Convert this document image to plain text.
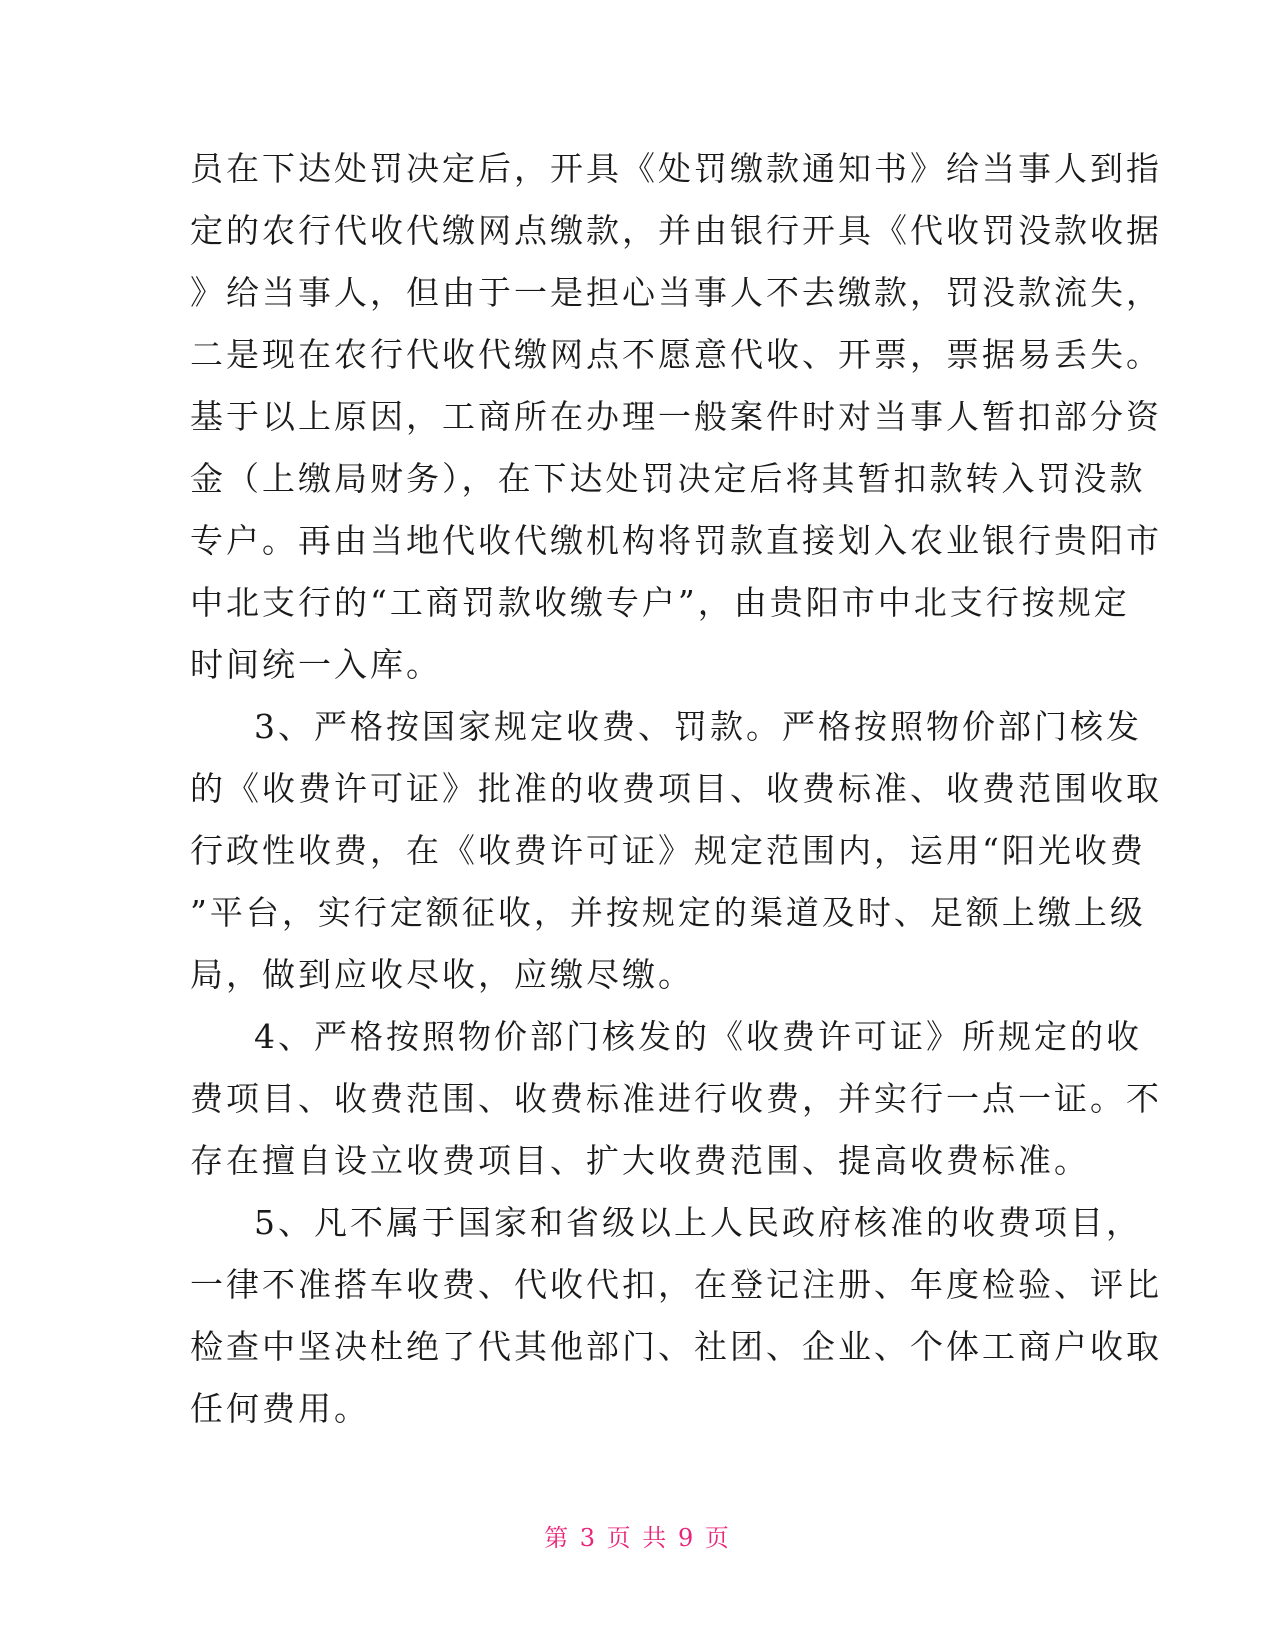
员在下达处罚决定后，开具《处罚缴款通知书》给当事人到指
定的农行代收代缴网点缴款，并由银行开具《代收罚没款收据
》给当事人，但由于一是担心当事人不去缴款，罚没款流失，
二是现在农行代收代缴网点不愿意代收、开票，票据易丢失。
基于以上原因，工商所在办理一般案件时对当事人暂扣部分资
金（上缴局财务），在下达处罚决定后将其暂扣款转入罚没款
专户。再由当地代收代缴机构将罚款直接划入农业银行贵阳市
中北支行的“工商罚款收缴专户”，由贵阳市中北支行按规定
时间统一入库。
3、严格按国家规定收费、罚款。严格按照物价部门核发
的《收费许可证》批准的收费项目、收费标准、收费范围收取
行政性收费，在《收费许可证》规定范围内，运用“阳光收费
”平台，实行定额征收，并按规定的渠道及时、足额上缴上级
局，做到应收尽收，应缴尽缴。
4、严格按照物价部门核发的《收费许可证》所规定的收
费项目、收费范围、收费标准进行收费，并实行一点一证。不
存在擅自设立收费项目、扩大收费范围、提高收费标准。
5、凡不属于国家和省级以上人民政府核准的收费项目，
一律不准搭车收费、代收代扣，在登记注册、年度检验、评比
检查中坚决杜绝了代其他部门、社团、企业、个体工商户收取
任何费用。
第 3 页 共 9 页
